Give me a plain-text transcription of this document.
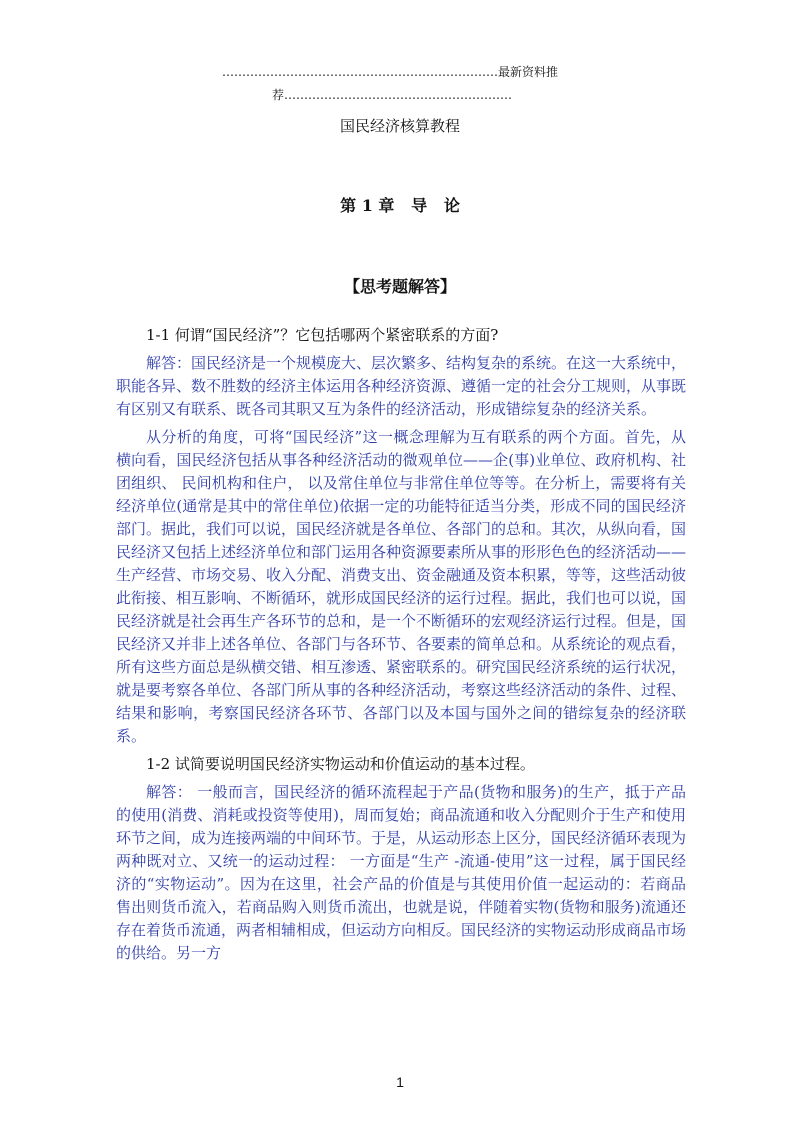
……………………………………………………………最新资料推
荐…………………………………………………
国民经济核算教程
第 1 章   导   论
【思考题解答】

1-1 何谓“国民经济”？它包括哪两个紧密联系的方面?

解答：国民经济是一个规模庞大、层次繁多、结构复杂的系统。在这一大系统中，职能各异、数不胜数的经济主体运用各种经济资源、遵循一定的社会分工规则，从事既有区别又有联系、既各司其职又互为条件的经济活动，形成错综复杂的经济关系。

从分析的角度，可将“国民经济”这一概念理解为互有联系的两个方面。首先，从横向看，国民经济包括从事各种经济活动的微观单位——企(事)业单位、政府机构、社团组织、 民间机构和住户， 以及常住单位与非常住单位等等。在分析上，需要将有关经济单位(通常是其中的常住单位)依据一定的功能特征适当分类，形成不同的国民经济部门。据此，我们可以说，国民经济就是各单位、各部门的总和。其次，从纵向看，国民经济又包括上述经济单位和部门运用各种资源要素所从事的形形色色的经济活动——生产经营、市场交易、收入分配、消费支出、资金融通及资本积累，等等，这些活动彼此衔接、相互影响、不断循环，就形成国民经济的运行过程。据此，我们也可以说，国民经济就是社会再生产各环节的总和，是一个不断循环的宏观经济运行过程。但是，国民经济又并非上述各单位、各部门与各环节、各要素的简单总和。从系统论的观点看，所有这些方面总是纵横交错、相互渗透、紧密联系的。研究国民经济系统的运行状况，就是要考察各单位、各部门所从事的各种经济活动，考察这些经济活动的条件、过程、结果和影响，考察国民经济各环节、各部门以及本国与国外之间的错综复杂的经济联系。

1-2 试简要说明国民经济实物运动和价值运动的基本过程。

解答： 一般而言，国民经济的循环流程起于产品(货物和服务)的生产，抵于产品的使用(消费、消耗或投资等使用)，周而复始；商品流通和收入分配则介于生产和使用环节之间，成为连接两端的中间环节。于是，从运动形态上区分，国民经济循环表现为两种既对立、又统一的运动过程： 一方面是“生产 -流通-使用”这一过程，属于国民经济的“实物运动”。因为在这里，社会产品的价值是与其使用价值一起运动的：若商品售出则货币流入，若商品购入则货币流出，也就是说，伴随着实物(货物和服务)流通还存在着货币流通，两者相辅相成，但运动方向相反。国民经济的实物运动形成商品市场的供给。另一方

1
